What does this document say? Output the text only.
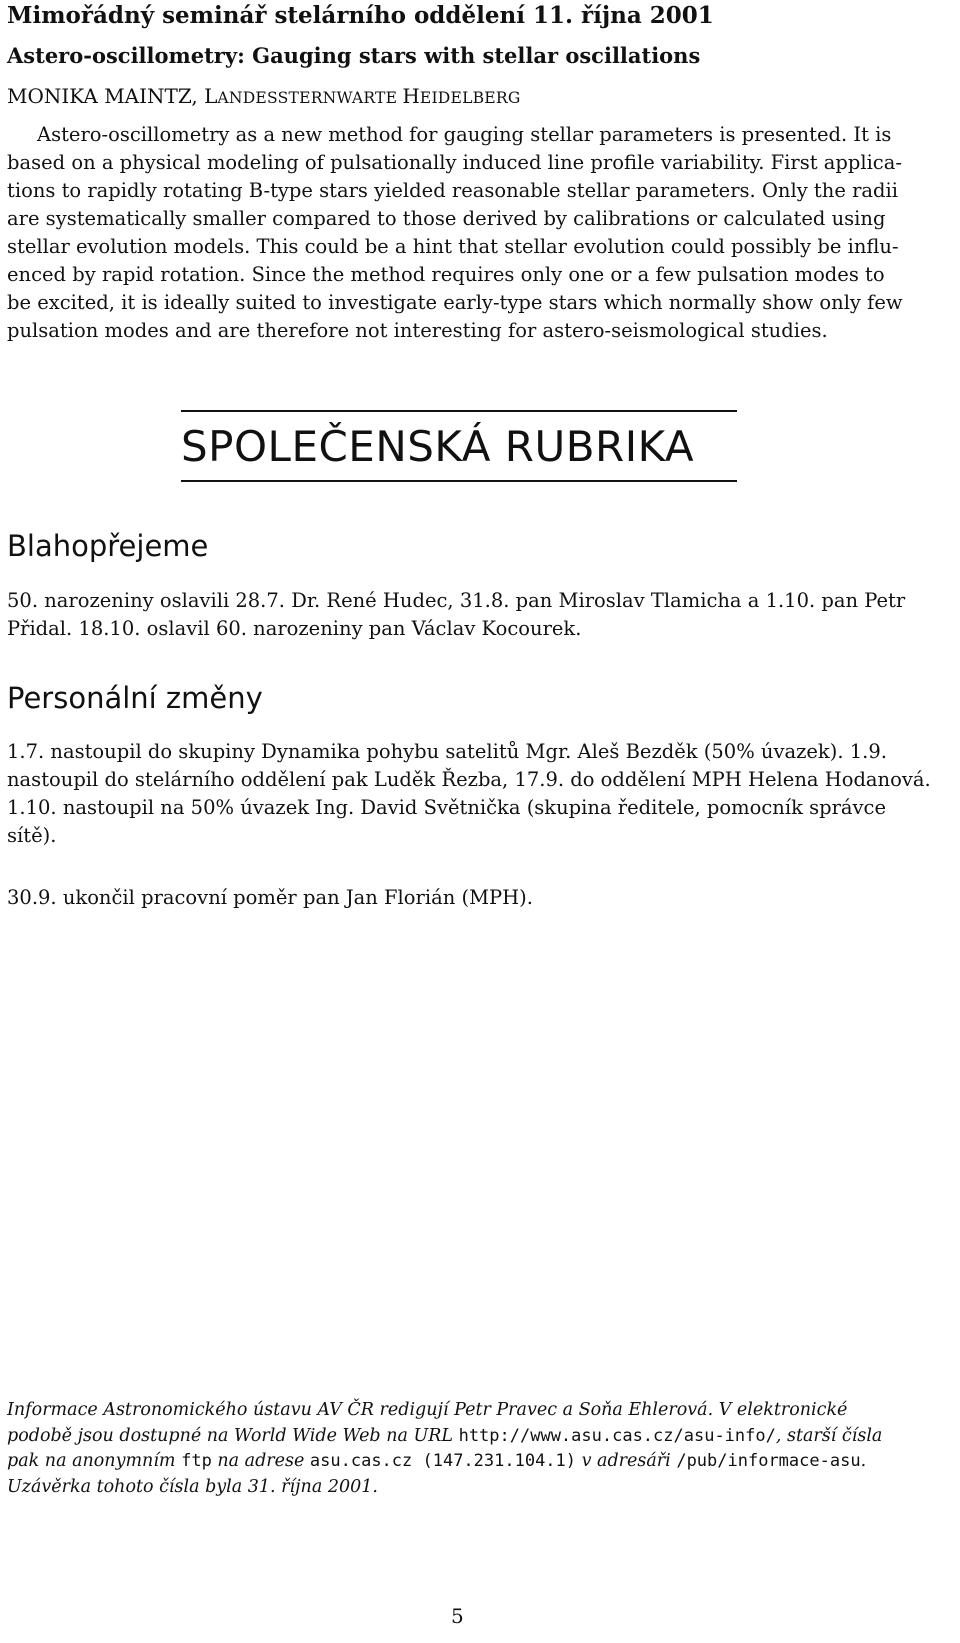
Mimořádný seminář stelárního oddělení 11. října 2001
Astero-oscillometry: Gauging stars with stellar oscillations
MONIKA MAINTZ, LANDESSTERNWARTE HEIDELBERG
Astero-oscillometry as a new method for gauging stellar parameters is presented. It is
based on a physical modeling of pulsationally induced line profile variability. First applica-
tions to rapidly rotating B-type stars yielded reasonable stellar parameters. Only the radii
are systematically smaller compared to those derived by calibrations or calculated using
stellar evolution models. This could be a hint that stellar evolution could possibly be influ-
enced by rapid rotation. Since the method requires only one or a few pulsation modes to
be excited, it is ideally suited to investigate early-type stars which normally show only few
pulsation modes and are therefore not interesting for astero-seismological studies.
SPOLEČENSKÁ RUBRIKA
Blahopřejeme
50. narozeniny oslavili 28.7. Dr. René Hudec, 31.8. pan Miroslav Tlamicha a 1.10. pan Petr
Přidal. 18.10. oslavil 60. narozeniny pan Václav Kocourek.
Personální změny
1.7. nastoupil do skupiny Dynamika pohybu satelitů Mgr. Aleš Bezděk (50% úvazek). 1.9.
nastoupil do stelárního oddělení pak Luděk Řezba, 17.9. do oddělení MPH Helena Hodanová.
1.10. nastoupil na 50% úvazek Ing. David Světnička (skupina ředitele, pomocník správce
sítě).
30.9. ukončil pracovní poměr pan Jan Florián (MPH).
Informace Astronomického ústavu AV ČR redigují Petr Pravec a Soňa Ehlerová. V elektronické
podobě jsou dostupné na World Wide Web na URL http://www.asu.cas.cz/asu-info/, starší čísla
pak na anonymním ftp na adrese asu.cas.cz (147.231.104.1) v adresáři /pub/informace-asu.
Uzávěrka tohoto čísla byla 31. října 2001.
5
